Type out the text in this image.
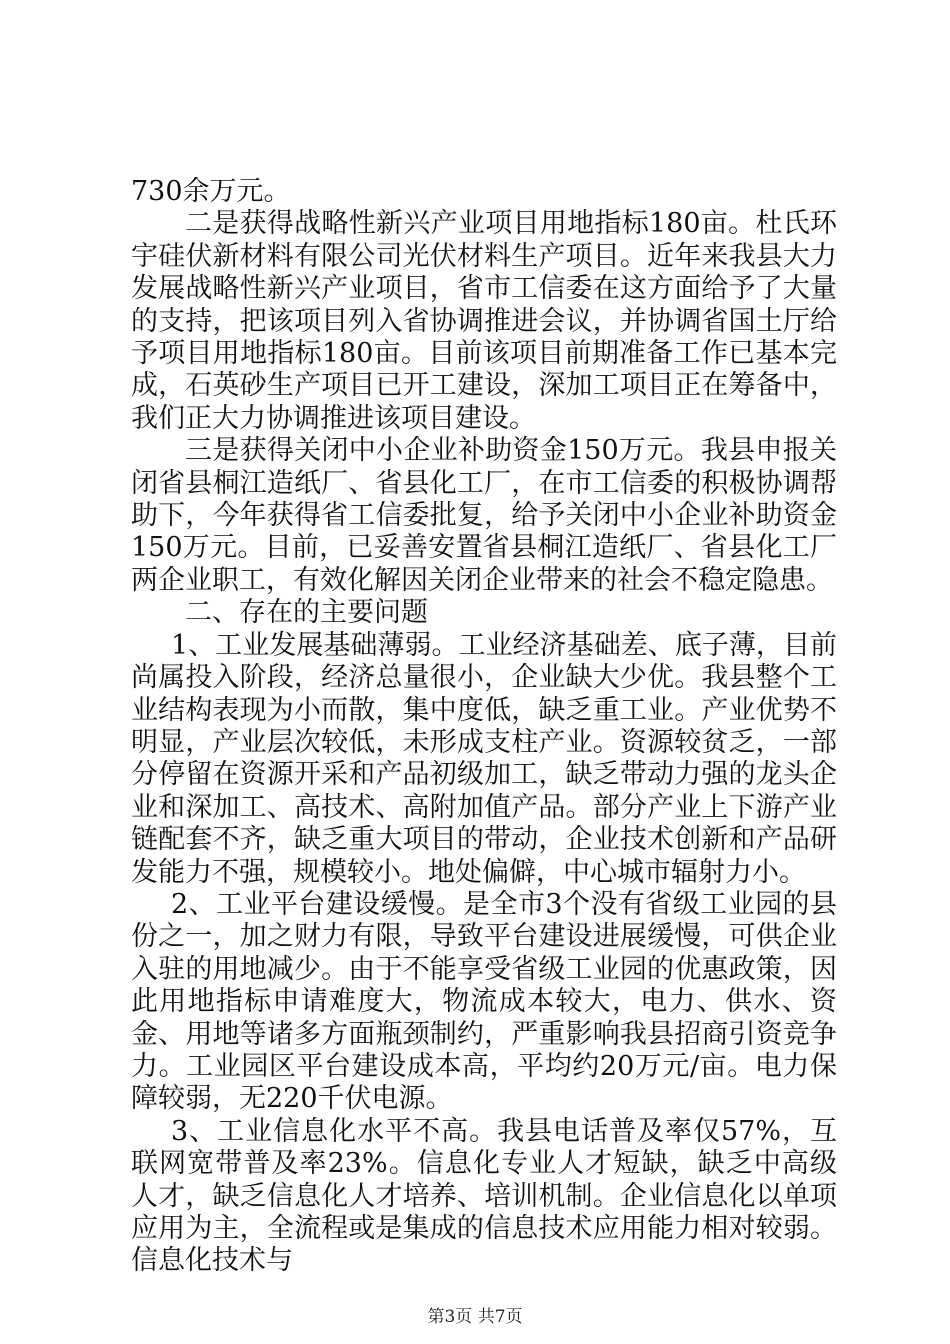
730余万元。

二是获得战略性新兴产业项目用地指标180亩。杜氏环宇硅伏新材料有限公司光伏材料生产项目。近年来我县大力发展战略性新兴产业项目，省市工信委在这方面给予了大量的支持，把该项目列入省协调推进会议，并协调省国土厅给予项目用地指标180亩。目前该项目前期准备工作已基本完成，石英砂生产项目已开工建设，深加工项目正在筹备中，我们正大力协调推进该项目建设。

三是获得关闭中小企业补助资金150万元。我县申报关闭省县桐江造纸厂、省县化工厂，在市工信委的积极协调帮助下，今年获得省工信委批复，给予关闭中小企业补助资金150万元。目前，已妥善安置省县桐江造纸厂、省县化工厂两企业职工，有效化解因关闭企业带来的社会不稳定隐患。

二、存在的主要问题

1、工业发展基础薄弱。工业经济基础差、底子薄，目前尚属投入阶段，经济总量很小，企业缺大少优。我县整个工业结构表现为小而散，集中度低，缺乏重工业。产业优势不明显，产业层次较低，未形成支柱产业。资源较贫乏，一部分停留在资源开采和产品初级加工，缺乏带动力强的龙头企业和深加工、高技术、高附加值产品。部分产业上下游产业链配套不齐，缺乏重大项目的带动，企业技术创新和产品研发能力不强，规模较小。地处偏僻，中心城市辐射力小。

2、工业平台建设缓慢。是全市3个没有省级工业园的县份之一，加之财力有限，导致平台建设进展缓慢，可供企业入驻的用地减少。由于不能享受省级工业园的优惠政策，因此用地指标申请难度大，物流成本较大，电力、供水、资金、用地等诸多方面瓶颈制约，严重影响我县招商引资竞争力。工业园区平台建设成本高，平均约20万元/亩。电力保障较弱，无220千伏电源。

3、工业信息化水平不高。我县电话普及率仅57%，互联网宽带普及率23%。信息化专业人才短缺，缺乏中高级人才，缺乏信息化人才培养、培训机制。企业信息化以单项应用为主，全流程或是集成的信息技术应用能力相对较弱。信息化技术与

第3页 共7页
